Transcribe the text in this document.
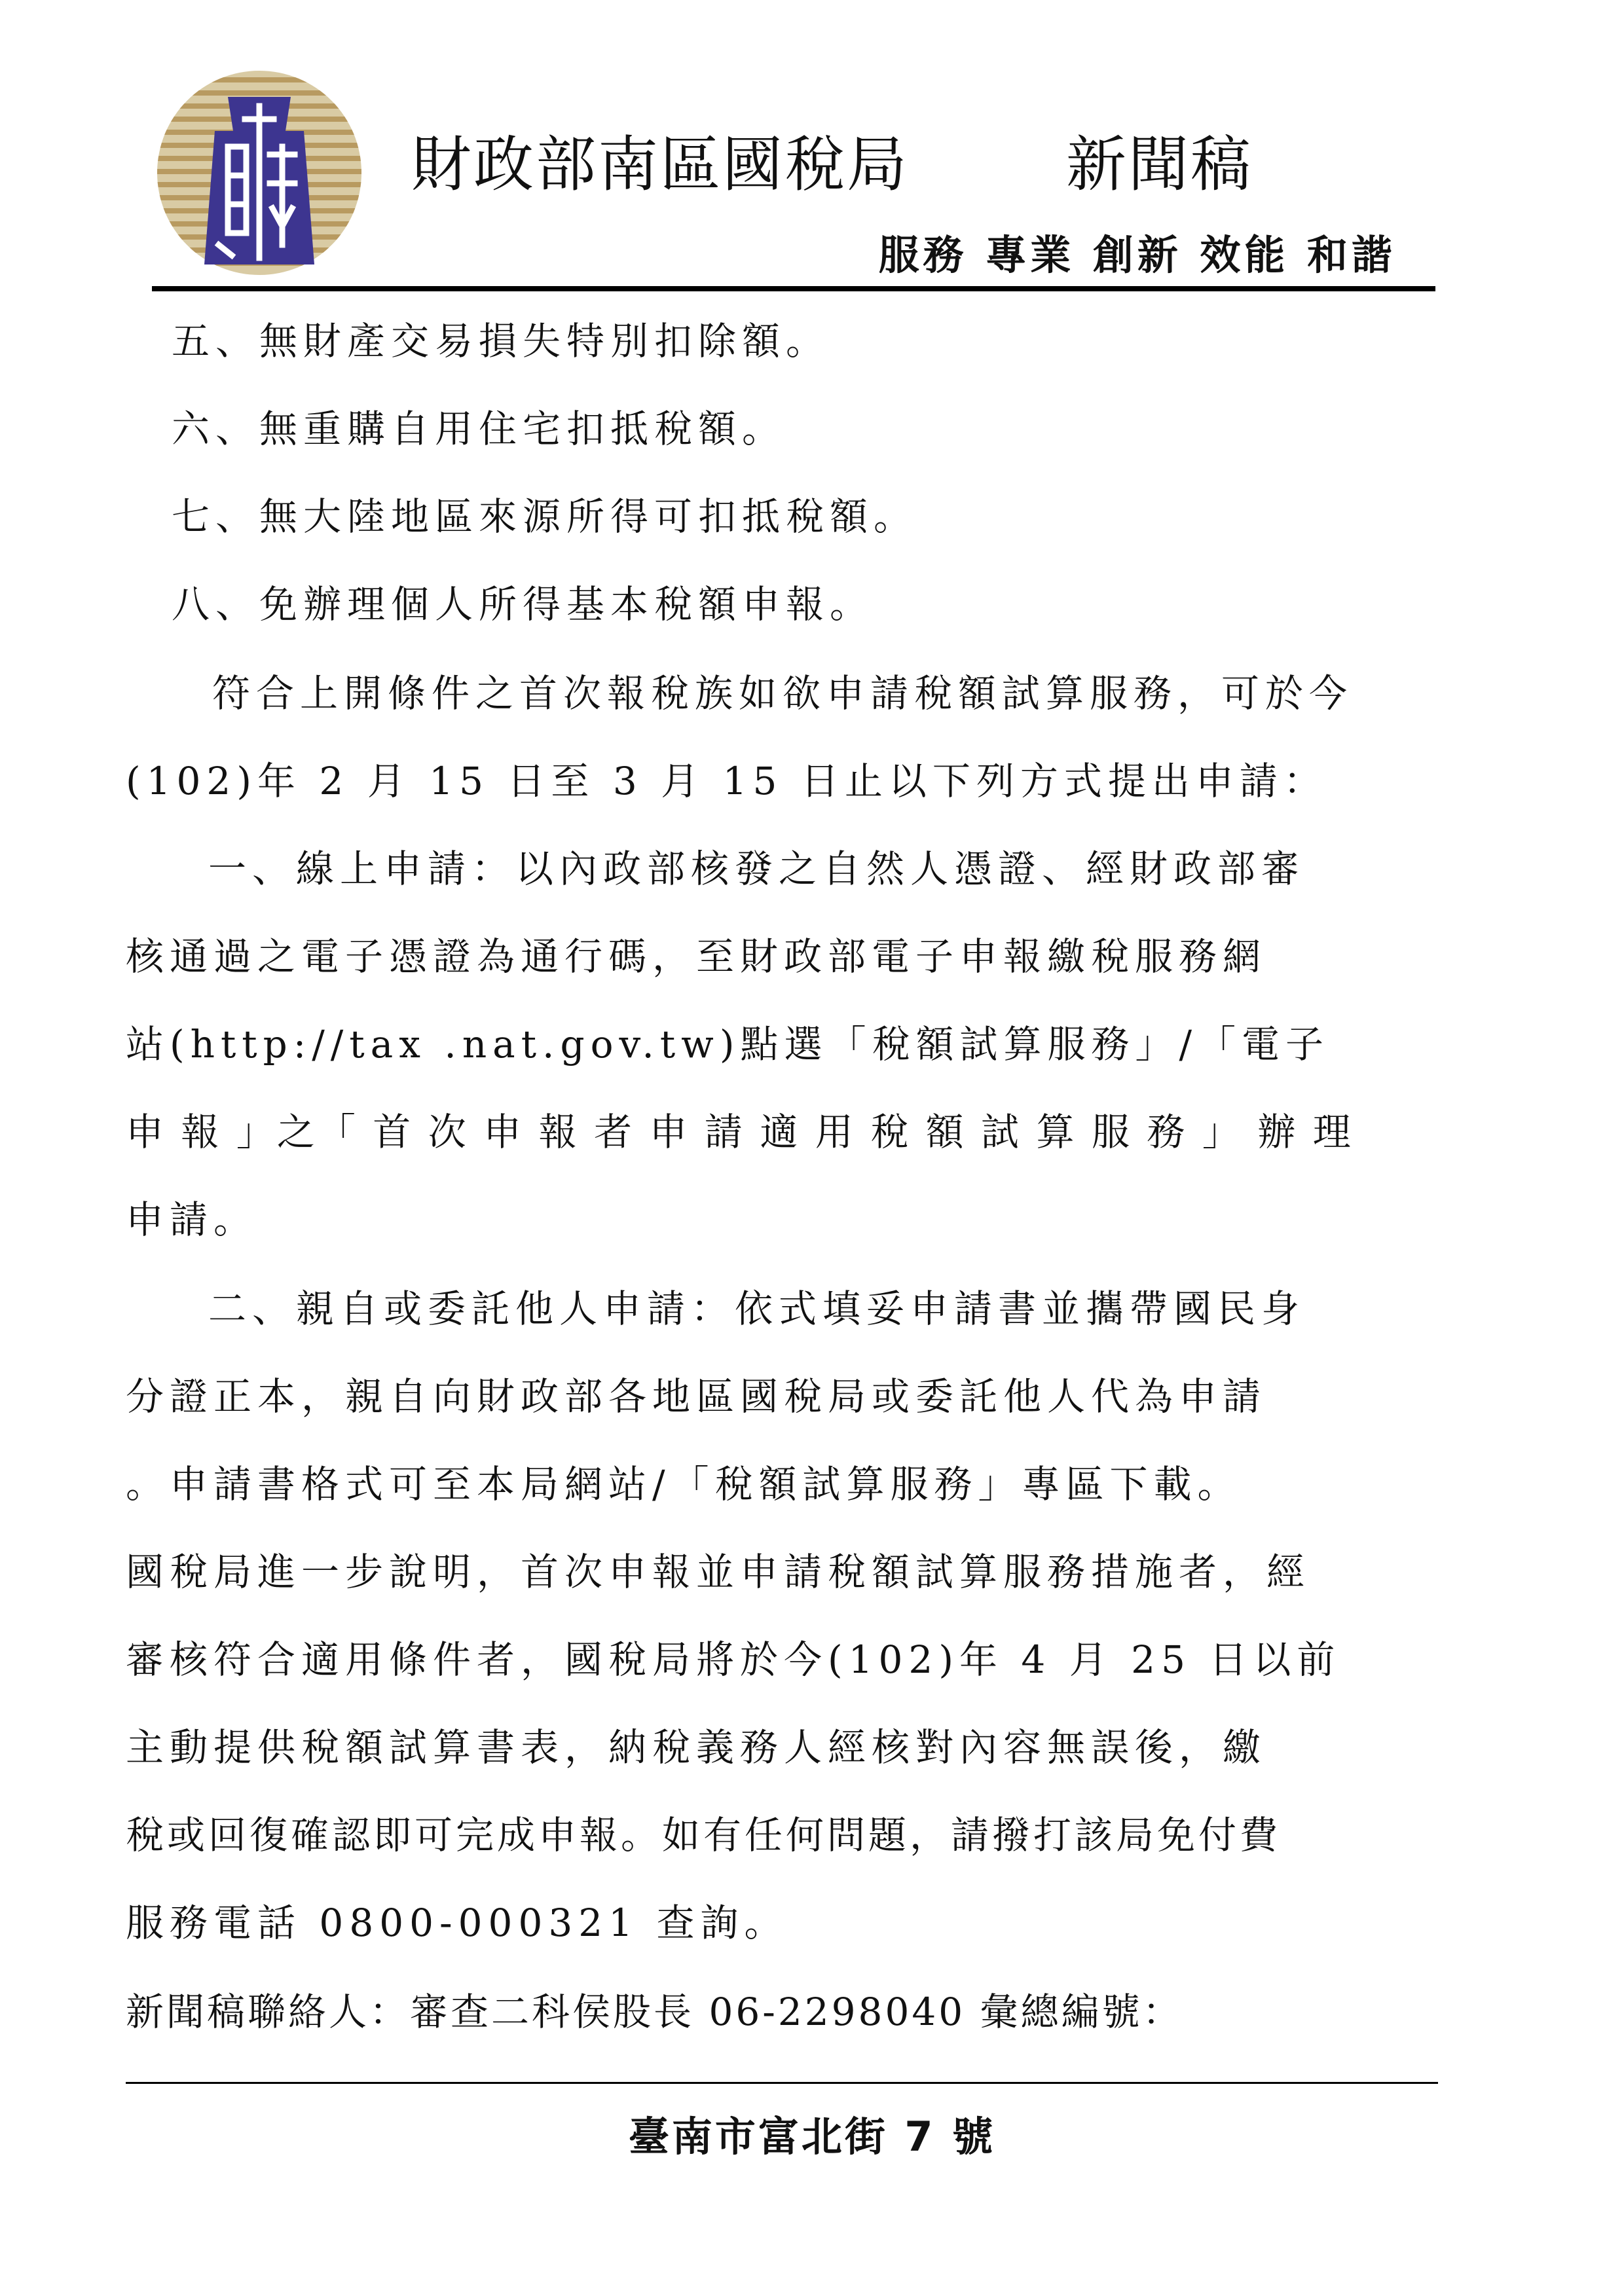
財政部南區國稅局	新聞稿
服務 專業 創新 效能 和諧
五、無財產交易損失特別扣除額。
六、無重購自用住宅扣抵稅額。
七、無大陸地區來源所得可扣抵稅額。
八、免辦理個人所得基本稅額申報。
符合上開條件之首次報稅族如欲申請稅額試算服務，可於今
(102)年 2 月 15 日至 3 月 15 日止以下列方式提出申請：
一、線上申請：以內政部核發之自然人憑證、經財政部審
核通過之電子憑證為通行碼，至財政部電子申報繳稅服務網
站(http://tax .nat.gov.tw)點選「稅額試算服務」/「電子
申 報 」之「 首 次 申 報 者 申 請 適 用 稅 額 試 算 服 務 」 辦 理
申請。
二、親自或委託他人申請：依式填妥申請書並攜帶國民身
分證正本，親自向財政部各地區國稅局或委託他人代為申請
。申請書格式可至本局網站/「稅額試算服務」專區下載。
國稅局進一步說明，首次申報並申請稅額試算服務措施者，經
審核符合適用條件者，國稅局將於今(102)年 4 月 25 日以前
主動提供稅額試算書表，納稅義務人經核對內容無誤後，繳
稅或回復確認即可完成申報。如有任何問題，請撥打該局免付費
服務電話 0800-000321 查詢。
新聞稿聯絡人：審查二科侯股長 06-2298040 彙總編號：
臺南市富北街 7 號
